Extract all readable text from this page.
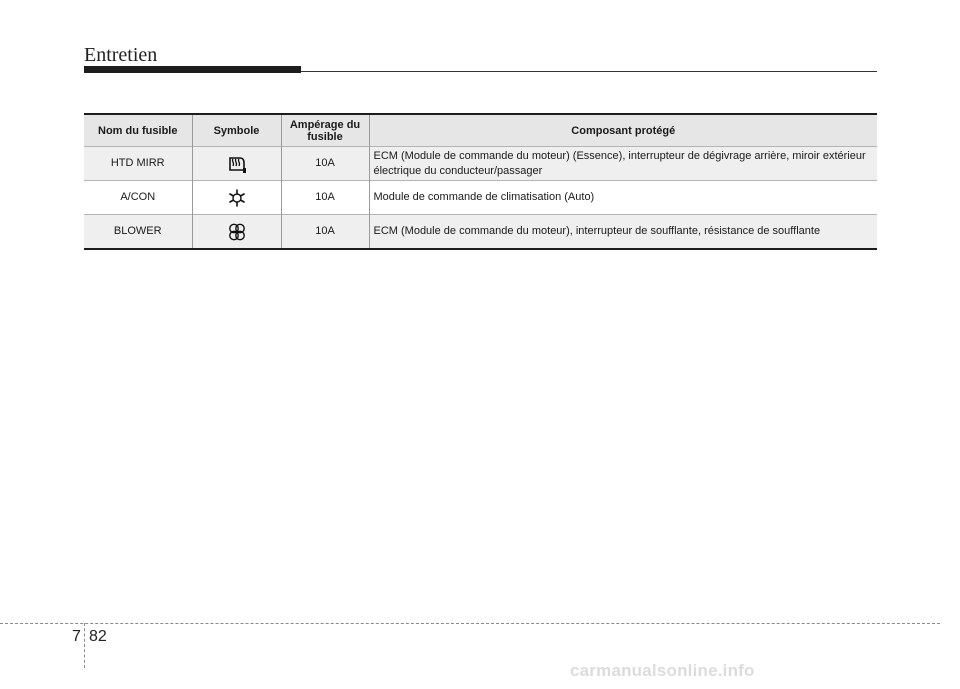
Entretien
Nom du fusible	Symbole	Ampérage du fusible	Composant protégé
HTD MIRR		10A	ECM (Module de commande du moteur) (Essence), interrupteur de dégivrage arrière, miroir extérieur électrique du conducteur/passager
A/CON		10A	Module de commande de climatisation (Auto)
BLOWER		10A	ECM (Module de commande du moteur), interrupteur de soufflante, résistance de soufflante
7 82
carmanualsonline.info
